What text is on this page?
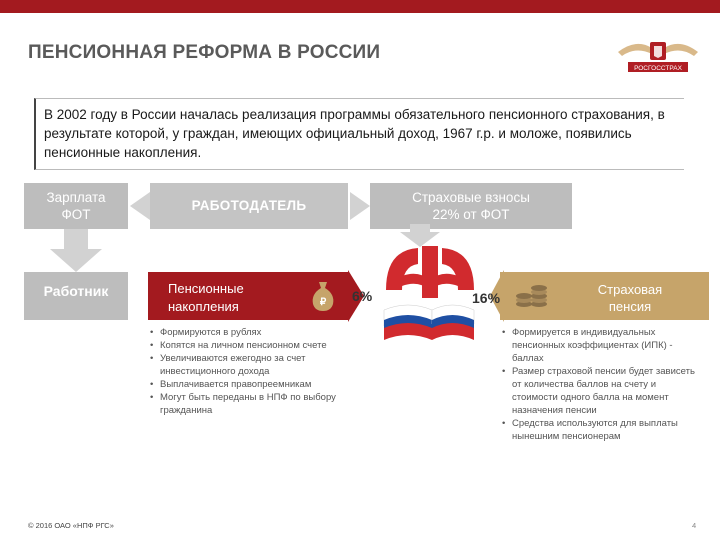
ПЕНСИОННАЯ РЕФОРМА В РОССИИ
РОСГОССТРАХ
В 2002 году в России началась реализация программы обязательного пенсионного страхования, в результате которой, у граждан, имеющих официальный доход, 1967 г.р. и моложе, появились пенсионные накопления.
Зарплата
ФОТ
РАБОТОДАТЕЛЬ
Страховые взносы
22% от ФОТ
Работник	Пенсионные
накопления	₽ 6%	16%
Страховая
пенсия
• Формируются в рублях
• Копятся на личном пенсионном счете
• Увеличиваются ежегодно за счет инвестиционного дохода
• Выплачивается правопреемникам
• Могут быть переданы в НПФ по выбору гражданина
• Формируется в индивидуальных пенсионных коэффициентах (ИПК) - баллах
• Размер страховой пенсии будет зависеть от количества баллов на счету и стоимости одного балла на момент назначения пенсии
• Средства используются для выплаты нынешним пенсионерам
© 2016 ОАО «НПФ РГС»	4
